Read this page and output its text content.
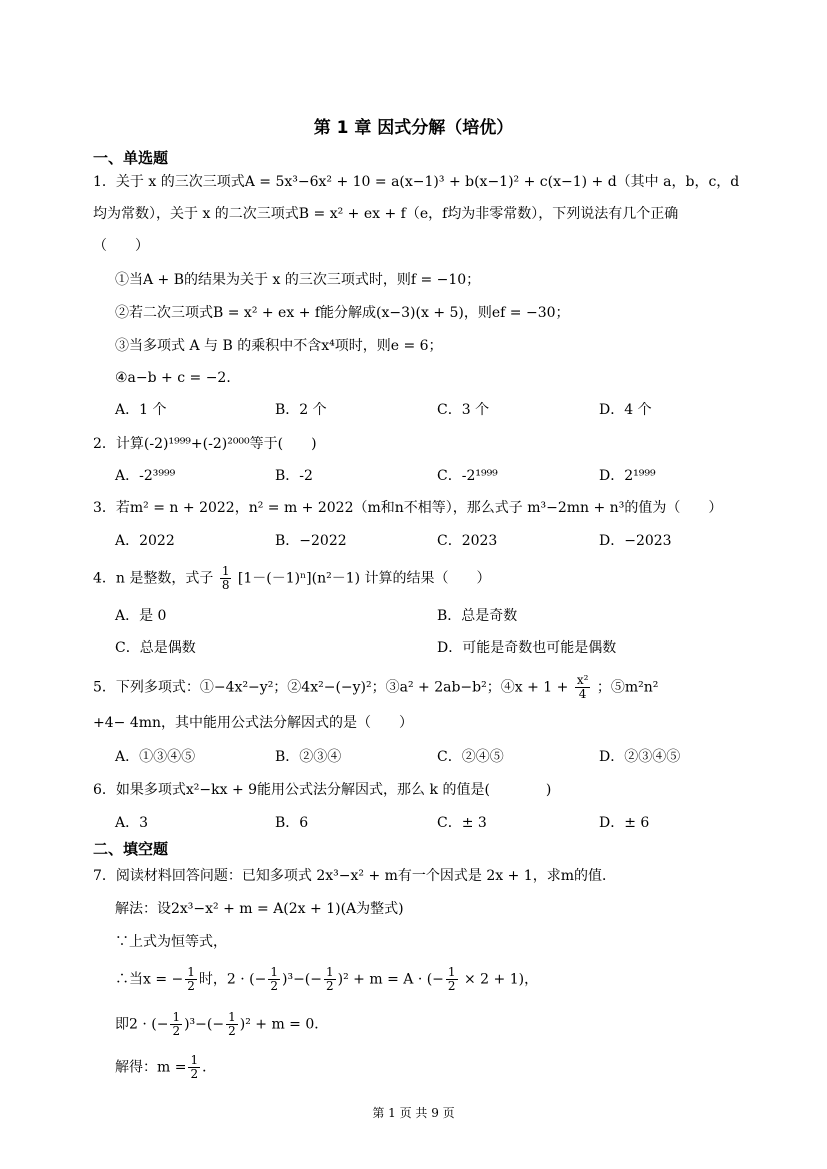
第 1 章 因式分解（培优）
一、单选题
1．关于 x 的三次三项式A = 5x³−6x² + 10 = a(x−1)³ + b(x−1)² + c(x−1) + d（其中 a，b，c，d
均为常数），关于 x 的二次三项式B = x² + ex + f（e，f均为非零常数），下列说法有几个正确
（　　）
①当A + B的结果为关于 x 的三次三项式时，则f = −10；
②若二次三项式B = x² + ex + f能分解成(x−3)(x + 5)，则ef = −30；
③当多项式 A 与 B 的乘积中不含x⁴项时，则e = 6；
④a−b + c = −2．
A．1 个	B．2 个	C．3 个	D．4 个
2．计算(-2)¹⁹⁹⁹+(-2)²⁰⁰⁰等于(　　)
A．-2³⁹⁹⁹	B．-2	C．-2¹⁹⁹⁹	D．2¹⁹⁹⁹
3．若m² = n + 2022，n² = m + 2022（m和n不相等），那么式子 m³−2mn + n³的值为（　　）
A．2022	B．−2022	C．2023	D．−2023
4．n 是整数，式子 $\frac{1}{8} [1-(-1)^n](n^2-1)$ 计算的结果（　　）
A．是 0	B．总是奇数
C．总是偶数	D．可能是奇数也可能是偶数
5．下列多项式：①−4x²−y²；②4x²−(−y)²；③a² + 2ab−b²；④x + $1 + \frac{\text{x²}}{4}$ ；⑤m²n²
+4− 4mn，其中能用公式法分解因式的是（　　）
A．①③④⑤	B．②③④	C．②④⑤	D．②③④⑤
6．如果多项式x²−kx + 9能用公式法分解因式，那么 k 的值是(　　　　)
A．3	B．6	C．± 3	D．± 6
二、填空题
7．阅读材料回答问题：已知多项式 2x³−x² + m有一个因式是 2x + 1，求m的值．
解法：设2x³−x² + m = A(2x + 1)(A为整式)
∵上式为恒等式，
∴当x = − $\frac{1}{2}$ 时，2 · (− $\frac{1}{2} )^3-(- \frac{1}{2} )^2 + m = A$ · (− $\frac{1}{2} \times 2 + 1$)，
即2 · (− $\frac{1}{2} )^3-(- \frac{1}{2} )^2 + m = 0$．
解得：$m = \frac{1}{2}$ ．
第 1 页 共 9 页
